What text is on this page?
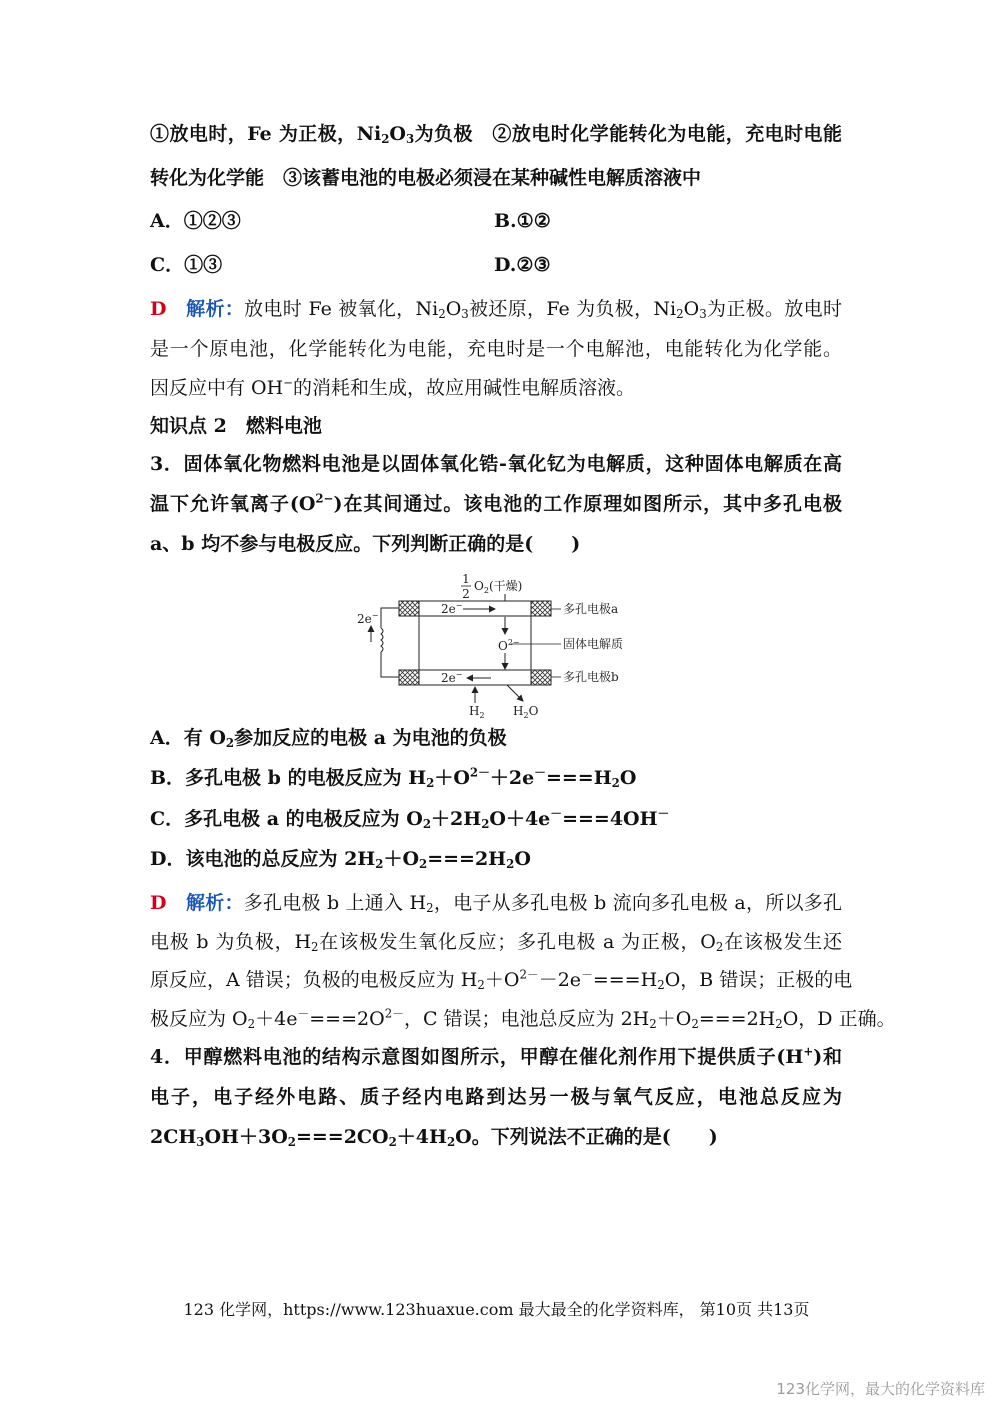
①放电时，Fe 为正极，$Ni_2O_3$为负极　②放电时化学能转化为电能，充电时电能
转化为化学能　③该蓄电池的电极必须浸在某种碱性电解质溶液中
A．①②③	B.①②
C．①③	D.②③
D　 解析：放电时 Fe 被氧化，$Ni_2O_3$被还原，Fe 为负极，$Ni_2O_3$为正极。放电时
是一个原电池，化学能转化为电能，充电时是一个电解池，电能转化为化学能。
因反应中有 OH−的消耗和生成，故应用碱性电解质溶液。
知识点 2　燃料电池
3．固体氧化物燃料电池是以固体氧化锆-氧化钇为电解质，这种固体电解质在高
温下允许氧离子$(O^{2-})$在其间通过。该电池的工作原理如图所示，其中多孔电极
a、b 均不参与电极反应。下列判断正确的是(　　)
1
2
$O_2$(干燥)
2e−
2e−
2e−
$O^{2-}$
$H_2$ $H_2O$
多孔电极a
固体电解质
多孔电极b
A．有 $O_2$参加反应的电极 a 为电池的负极
B．多孔电极 b 的电极反应为 $H_2+O^{2-}+2e^-===H_2O$
C．多孔电极 a 的电极反应为 $O_2+2H_2O+4e^-===4OH^-$
D．该电池的总反应为 $2H_2+O_2===2H_2O$
D　 解析：多孔电极 b 上通入 $H_2$，电子从多孔电极 b 流向多孔电极 a，所以多孔
电极 b 为负极，$H_2$在该极发生氧化反应；多孔电极 a 为正极，$O_2$在该极发生还
原反应，A 错误；负极的电极反应为 $H_2+O^{2-}-2e^-===H_2O$，B 错误；正极的电
极反应为 $O_2+4e^-===2O^{2-}$，C 错误；电池总反应为 $2H_2+O_2===2H_2O$，D 正确。
4．甲醇燃料电池的结构示意图如图所示，甲醇在催化剂作用下提供质子(H+)和
电子，电子经外电路、质子经内电路到达另一极与氧气反应，电池总反应为
$2CH_3OH+3O_2===2CO_2+4H_2O$。下列说法不正确的是(　　)
123 化学网，https://www.123huaxue.com 最大最全的化学资料库， 第10页 共13页
123化学网，最大的化学资料库
